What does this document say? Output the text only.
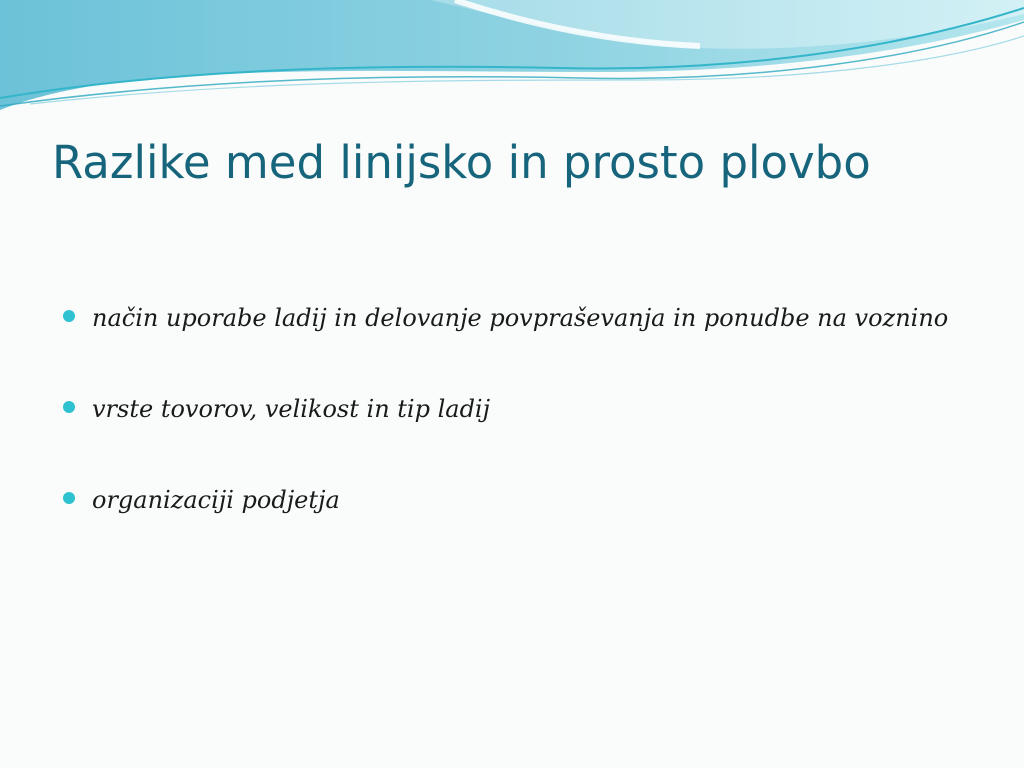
Razlike med linijsko in prosto plovbo
način uporabe ladij in delovanje povpraševanja in ponudbe na voznino
vrste tovorov, velikost in tip ladij
organizaciji podjetja
